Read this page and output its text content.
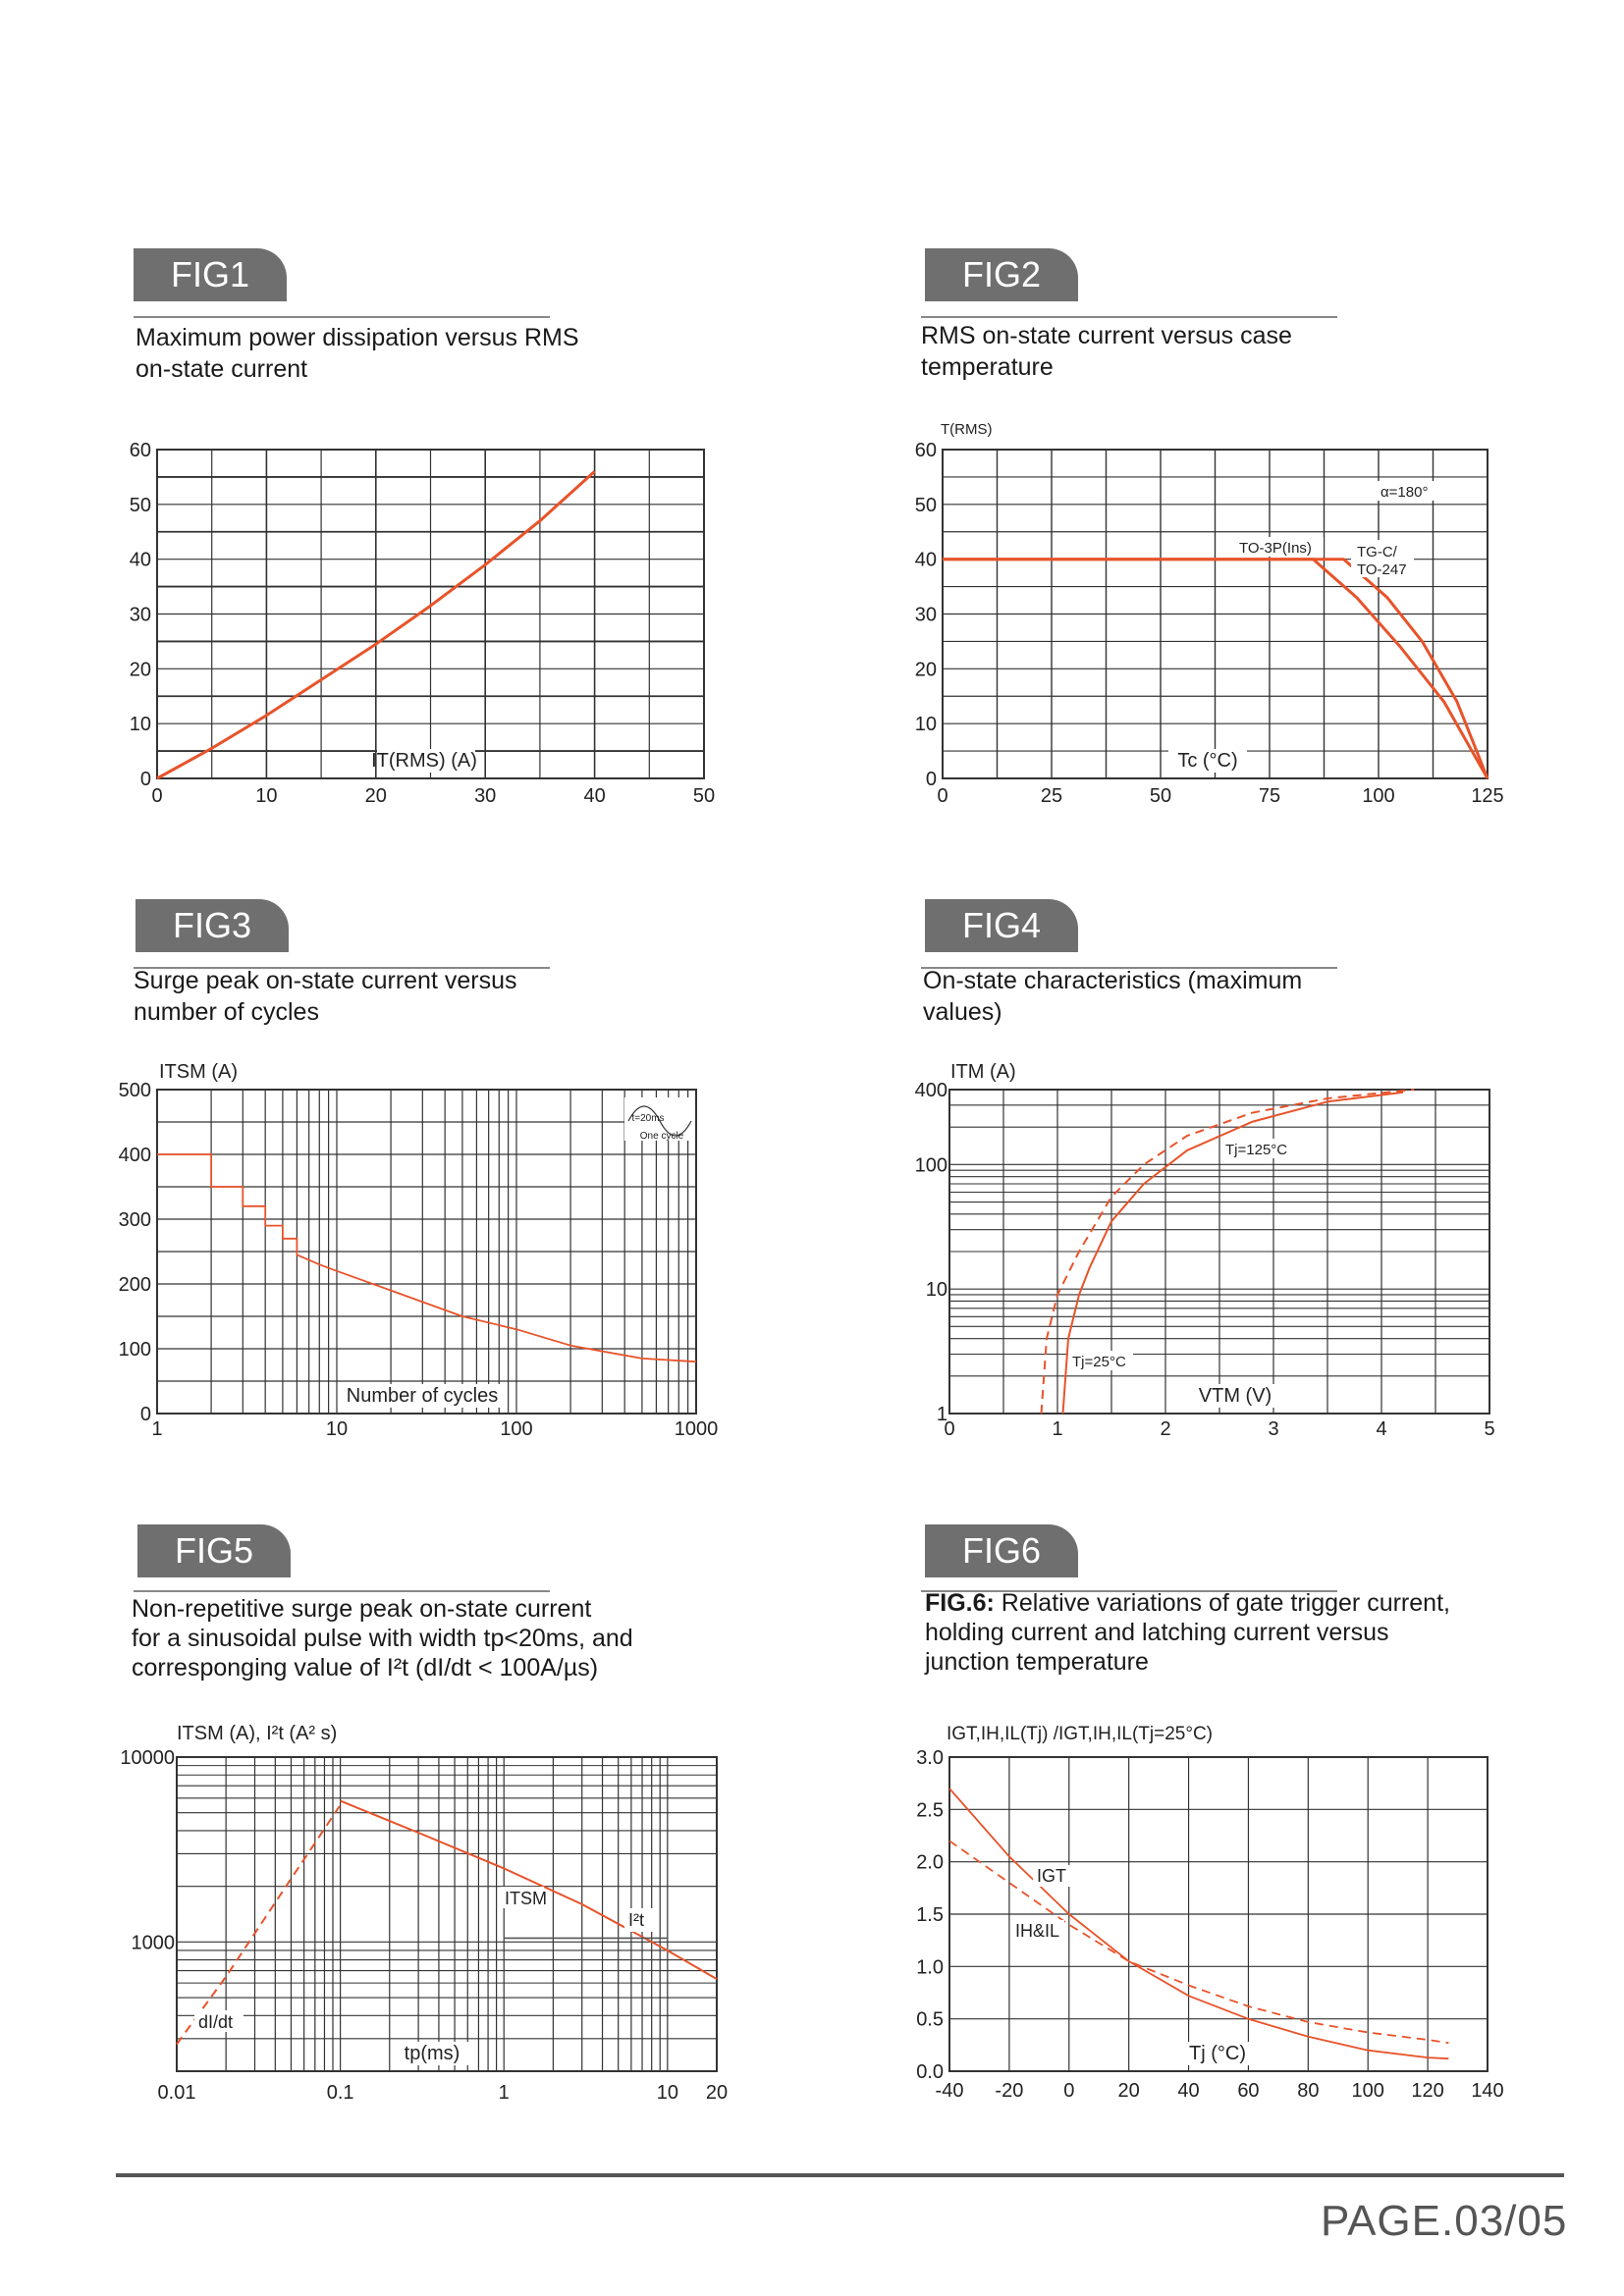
FIG1
Maximum power dissipation versus RMS
on-state current
FIG2
RMS on-state current versus case
temperature
FIG3
Surge peak on-state current versus
number of cycles
FIG4
On-state characteristics (maximum
values)
FIG5
Non-repetitive surge peak on-state current
for a sinusoidal pulse with width tp<20ms, and
corresponging value of I²t (dI/dt < 100A/µs)
FIG6
FIG.6: Relative variations of gate trigger current,
holding current and latching current versus
junction temperature
0	10	20	30	40	50
0
10
20
30
40
50
60
IT(RMS) (A)
0	25	50	75	100	125
0
10
20
30
40
50
60
T(RMS)
Tc (°C)
α=180°
TO-3P(Ins)	TG-C/
TO-247
1	10	100	1000
0
100
200
300
400
500
ITSM (A)
Number of cycles
t=20ms
One cycle
0	1	2	3	4	5
1
10
100
400
ITM (A)
VTM (V)
Tj=125°C
Tj=25°C
0.01	0.1	1	10 20
1000
10000
ITSM (A), I²t (A² s)
tp(ms)
ITSM
I²t
dI/dt
-40 -20 0 20 40 60 80 100 120 140
0.0
0.5
1.0
1.5
2.0
2.5
3.0
IGT,IH,IL(Tj) /IGT,IH,IL(Tj=25°C)
Tj (°C)
IGT
IH&IL
PAGE.03/05
